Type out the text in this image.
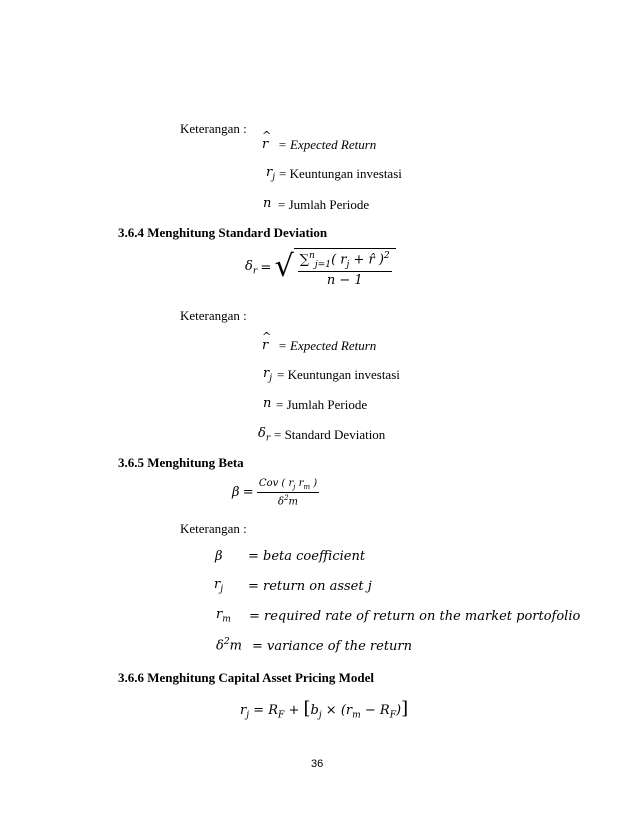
Keterangan :
^ r = Expected Return
$r_j$ = Keuntungan investasi
n = Jumlah Periode
3.6.4 Menghitung Standard Deviation
$\delta_r$ = √ $\frac{\sum^n_{j=1}( r_j + r̂ )^2}{n - 1}$
Keterangan :
^ r = Expected Return
$r_j$ = Keuntungan investasi
n = Jumlah Periode
$\delta_r$ = Standard Deviation
3.6.5 Menghitung Beta
$\beta = \frac{Cov ( r_j r_m )}{\delta^2m}$
Keterangan :
β = beta coefficient
$r_j$ = return on asset j
$r_m$ = required rate of return on the market portofolio
$\delta^2m$ = variance of the return
3.6.6 Menghitung Capital Asset Pricing Model
$r_j = R_F + [b_j \times (r_m - R_F)]$
36
